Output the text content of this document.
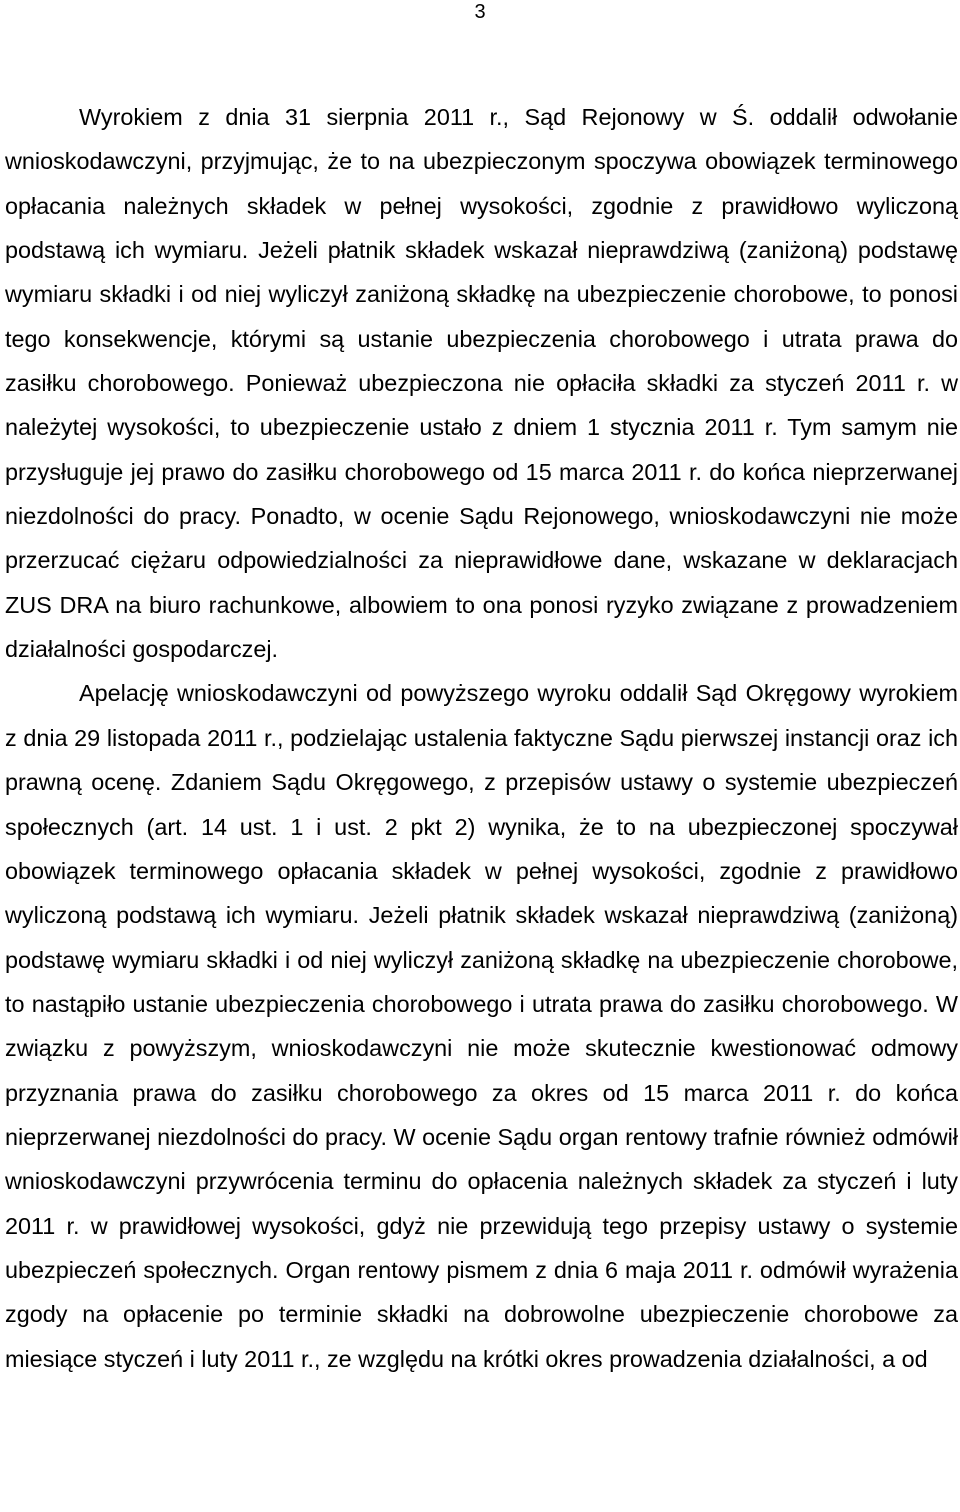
3

Wyrokiem z dnia 31 sierpnia 2011 r., Sąd Rejonowy w Ś. oddalił odwołanie wnioskodawczyni, przyjmując, że to na ubezpieczonym spoczywa obowiązek terminowego opłacania należnych składek w pełnej wysokości, zgodnie z prawidłowo wyliczoną podstawą ich wymiaru. Jeżeli płatnik składek wskazał nieprawdziwą (zaniżoną) podstawę wymiaru składki i od niej wyliczył zaniżoną składkę na ubezpieczenie chorobowe, to ponosi tego konsekwencje, którymi są ustanie ubezpieczenia chorobowego i utrata prawa do zasiłku chorobowego. Ponieważ ubezpieczona nie opłaciła składki za styczeń 2011 r. w należytej wysokości, to ubezpieczenie ustało z dniem 1 stycznia 2011 r. Tym samym nie przysługuje jej prawo do zasiłku chorobowego od 15 marca 2011 r. do końca nieprzerwanej niezdolności do pracy. Ponadto, w ocenie Sądu Rejonowego, wnioskodawczyni nie może przerzucać ciężaru odpowiedzialności za nieprawidłowe dane, wskazane w deklaracjach ZUS DRA na biuro rachunkowe, albowiem to ona ponosi ryzyko związane z prowadzeniem działalności gospodarczej.

Apelację wnioskodawczyni od powyższego wyroku oddalił Sąd Okręgowy wyrokiem z dnia 29 listopada 2011 r., podzielając ustalenia faktyczne Sądu pierwszej instancji oraz ich prawną ocenę. Zdaniem Sądu Okręgowego, z przepisów ustawy o systemie ubezpieczeń społecznych (art. 14 ust. 1 i ust. 2 pkt 2) wynika, że to na ubezpieczonej spoczywał obowiązek terminowego opłacania składek w pełnej wysokości, zgodnie z prawidłowo wyliczoną podstawą ich wymiaru. Jeżeli płatnik składek wskazał nieprawdziwą (zaniżoną) podstawę wymiaru składki i od niej wyliczył zaniżoną składkę na ubezpieczenie chorobowe, to nastąpiło ustanie ubezpieczenia chorobowego i utrata prawa do zasiłku chorobowego. W związku z powyższym, wnioskodawczyni nie może skutecznie kwestionować odmowy przyznania prawa do zasiłku chorobowego za okres od 15 marca 2011 r. do końca nieprzerwanej niezdolności do pracy. W ocenie Sądu organ rentowy trafnie również odmówił wnioskodawczyni przywrócenia terminu do opłacenia należnych składek za styczeń i luty 2011 r. w prawidłowej wysokości, gdyż nie przewidują tego przepisy ustawy o systemie ubezpieczeń społecznych. Organ rentowy pismem z dnia 6 maja 2011 r. odmówił wyrażenia zgody na opłacenie po terminie składki na dobrowolne ubezpieczenie chorobowe za miesiące styczeń i luty 2011 r., ze względu na krótki okres prowadzenia działalności, a od
